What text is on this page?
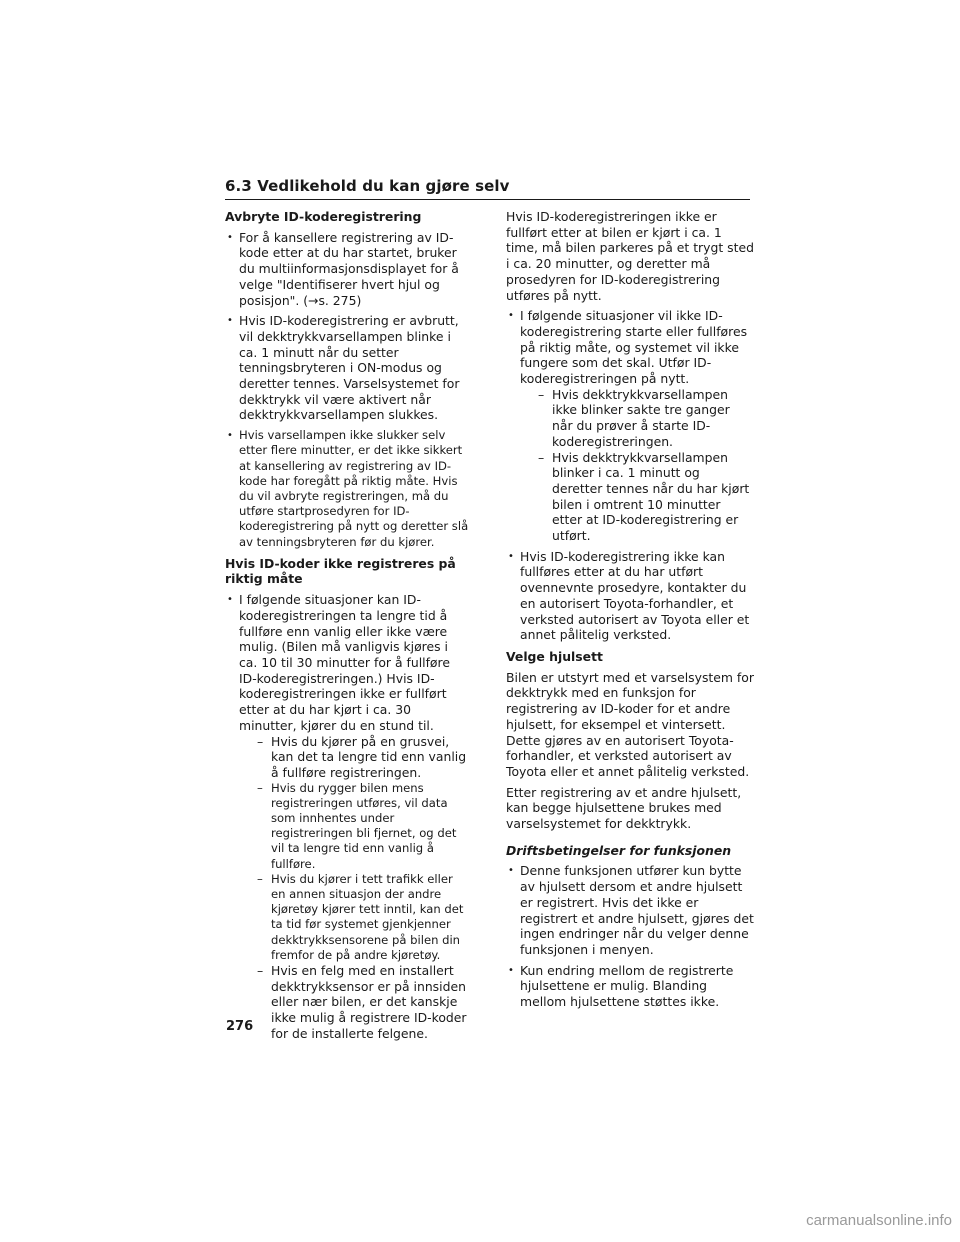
6.3 Vedlikehold du kan gjøre selv
Avbryte ID-koderegistrering
• For å kansellere registrering av ID-kode etter at du har startet, bruker du multiinformasjonsdisplayet for å velge "Identifiserer hvert hjul og posisjon". (→s. 275)
• Hvis ID-koderegistrering er avbrutt, vil dekktrykkvarsellampen blinke i ca. 1 minutt når du setter tenningsbryteren i ON-modus og deretter tennes. Varselsystemet for dekktrykk vil være aktivert når dekktrykkvarsellampen slukkes.
• Hvis varsellampen ikke slukker selv etter flere minutter, er det ikke sikkert at kansellering av registrering av ID-kode har foregått på riktig måte. Hvis du vil avbryte registreringen, må du utføre startprosedyren for ID-koderegistrering på nytt og deretter slå av tenningsbryteren før du kjører.
Hvis ID-koder ikke registreres på riktig måte
• I følgende situasjoner kan ID-koderegistreringen ta lengre tid å fullføre enn vanlig eller ikke være mulig. (Bilen må vanligvis kjøres i ca. 10 til 30 minutter for å fullføre ID-koderegistreringen.) Hvis ID-koderegistreringen ikke er fullført etter at du har kjørt i ca. 30 minutter, kjører du en stund til.
– Hvis du kjører på en grusvei, kan det ta lengre tid enn vanlig å fullføre registreringen.
– Hvis du rygger bilen mens registreringen utføres, vil data som innhentes under registreringen bli fjernet, og det vil ta lengre tid enn vanlig å fullføre.
– Hvis du kjører i tett trafikk eller en annen situasjon der andre kjøretøy kjører tett inntil, kan det ta tid før systemet gjenkjenner dekktrykksensorene på bilen din fremfor de på andre kjøretøy.
– Hvis en felg med en installert dekktrykksensor er på innsiden eller nær bilen, er det kanskje ikke mulig å registrere ID-koder for de installerte felgene.
Hvis ID-koderegistreringen ikke er fullført etter at bilen er kjørt i ca. 1 time, må bilen parkeres på et trygt sted i ca. 20 minutter, og deretter må prosedyren for ID-koderegistrering utføres på nytt.
• I følgende situasjoner vil ikke ID-koderegistrering starte eller fullføres på riktig måte, og systemet vil ikke fungere som det skal. Utfør ID-koderegistreringen på nytt.
– Hvis dekktrykkvarsellampen ikke blinker sakte tre ganger når du prøver å starte ID-koderegistreringen.
– Hvis dekktrykkvarsellampen blinker i ca. 1 minutt og deretter tennes når du har kjørt bilen i omtrent 10 minutter etter at ID-koderegistrering er utført.
• Hvis ID-koderegistrering ikke kan fullføres etter at du har utført ovennevnte prosedyre, kontakter du en autorisert Toyota-forhandler, et verksted autorisert av Toyota eller et annet pålitelig verksted.
Velge hjulsett
Bilen er utstyrt med et varselsystem for dekktrykk med en funksjon for registrering av ID-koder for et andre hjulsett, for eksempel et vintersett. Dette gjøres av en autorisert Toyota-forhandler, et verksted autorisert av Toyota eller et annet pålitelig verksted.
Etter registrering av et andre hjulsett, kan begge hjulsettene brukes med varselsystemet for dekktrykk.
Driftsbetingelser for funksjonen
• Denne funksjonen utfører kun bytte av hjulsett dersom et andre hjulsett er registrert. Hvis det ikke er registrert et andre hjulsett, gjøres det ingen endringer når du velger denne funksjonen i menyen.
• Kun endring mellom de registrerte hjulsettene er mulig. Blanding mellom hjulsettene støttes ikke.
276
carmanualsonline.info
